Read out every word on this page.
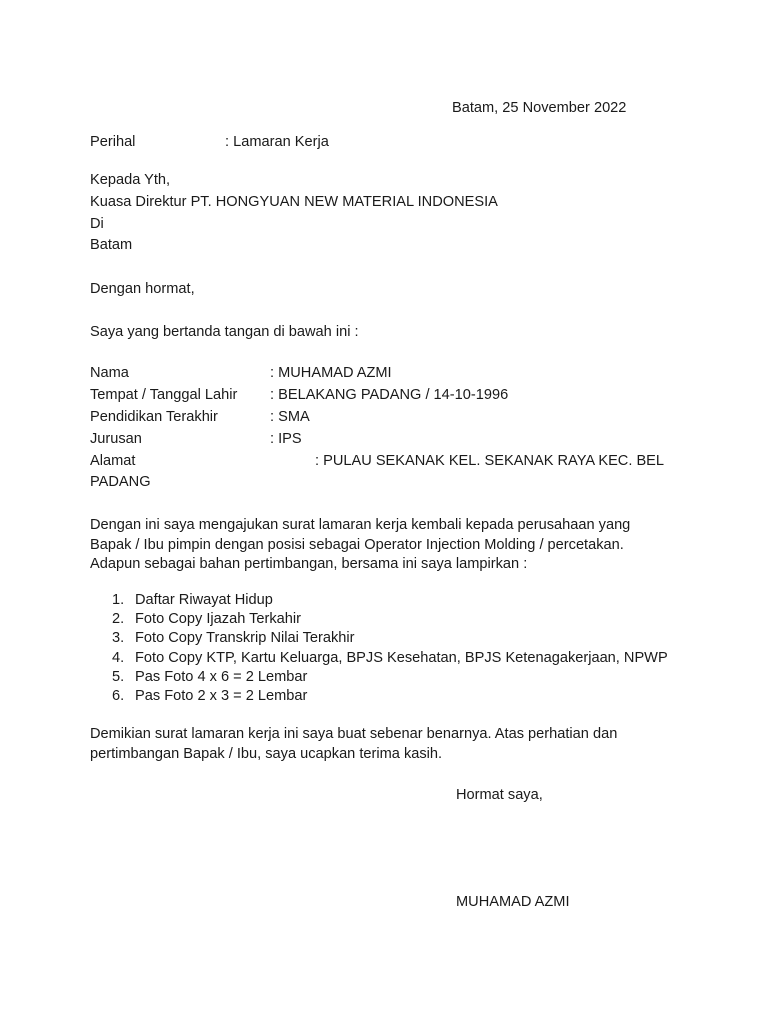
Batam, 25 November 2022
Perihal	: Lamaran Kerja
Kepada Yth,
Kuasa Direktur PT. HONGYUAN NEW MATERIAL INDONESIA
Di
Batam
Dengan hormat,
Saya yang bertanda tangan di bawah ini :
Nama	: MUHAMAD AZMI
Tempat / Tanggal Lahir : BELAKANG PADANG / 14-10-1996
Pendidikan Terakhir	: SMA
Jurusan	: IPS
Alamat	: PULAU SEKANAK KEL. SEKANAK RAYA KEC. BEL
PADANG
Dengan ini saya mengajukan surat lamaran kerja kembali kepada perusahaan yang
Bapak / Ibu pimpin dengan posisi sebagai Operator Injection Molding / percetakan.
Adapun sebagai bahan pertimbangan, bersama ini saya lampirkan :
1. Daftar Riwayat Hidup
2. Foto Copy Ijazah Terkahir
3. Foto Copy Transkrip Nilai Terakhir
4. Foto Copy KTP, Kartu Keluarga, BPJS Kesehatan, BPJS Ketenagakerjaan, NPWP
5. Pas Foto 4 x 6 = 2 Lembar
6. Pas Foto 2 x 3 = 2 Lembar
Demikian surat lamaran kerja ini saya buat sebenar benarnya. Atas perhatian dan
pertimbangan Bapak / Ibu, saya ucapkan terima kasih.
Hormat saya,
MUHAMAD AZMI
